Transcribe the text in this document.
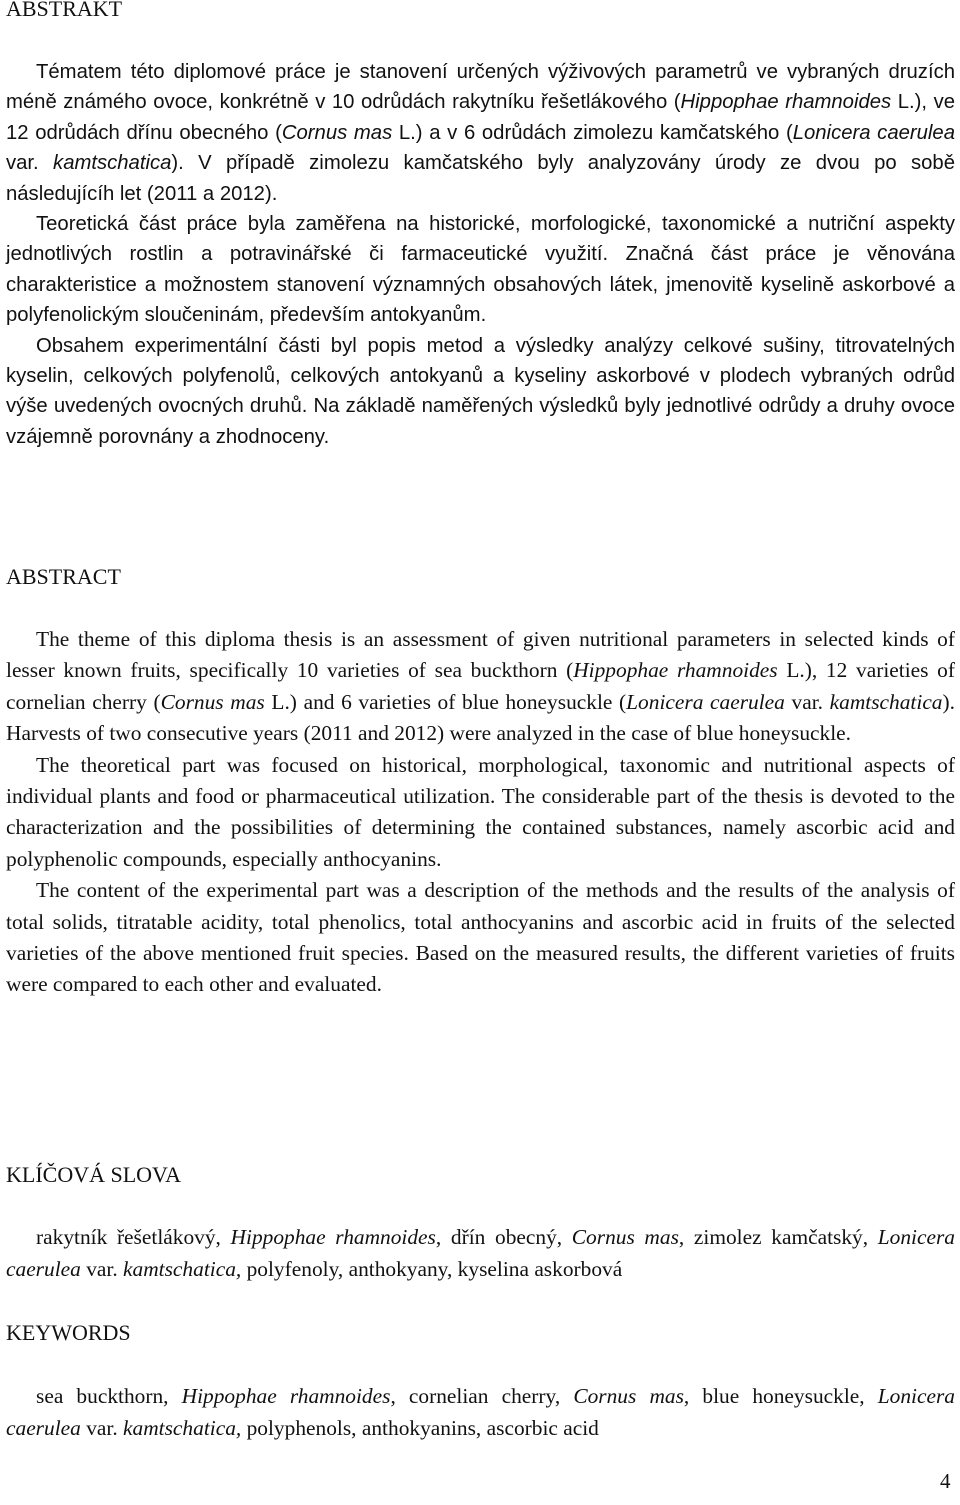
ABSTRAKT

Tématem této diplomové práce je stanovení určených výživových parametrů ve vybraných druzích méně známého ovoce, konkrétně v 10 odrůdách rakytníku řešetlákového (Hippophae rhamnoides L.), ve 12 odrůdách dřínu obecného (Cornus mas L.) a v 6 odrůdách zimolezu kamčatského (Lonicera caerulea var. kamtschatica). V případě zimolezu kamčatského byly analyzovány úrody ze dvou po sobě následujícíh let (2011 a 2012).

Teoretická část práce byla zaměřena na historické, morfologické, taxonomické a nutriční aspekty jednotlivých rostlin a potravinářské či farmaceutické využití. Značná část práce je věnována charakteristice a možnostem stanovení významných obsahových látek, jmenovitě kyselině askorbové a polyfenolickým sloučeninám, především antokyanům.

Obsahem experimentální části byl popis metod a výsledky analýzy celkové sušiny, titrovatelných kyselin, celkových polyfenolů, celkových antokyanů a kyseliny askorbové v plodech vybraných odrůd výše uvedených ovocných druhů. Na základě naměřených výsledků byly jednotlivé odrůdy a druhy ovoce vzájemně porovnány a zhodnoceny.

ABSTRACT

The theme of this diploma thesis is an assessment of given nutritional parameters in selected kinds of lesser known fruits, specifically 10 varieties of sea buckthorn (Hippophae rhamnoides L.), 12 varieties of cornelian cherry (Cornus mas L.) and 6 varieties of blue honeysuckle (Lonicera caerulea var. kamtschatica). Harvests of two consecutive years (2011 and 2012) were analyzed in the case of blue honeysuckle.

The theoretical part was focused on historical, morphological, taxonomic and nutritional aspects of individual plants and food or pharmaceutical utilization. The considerable part of the thesis is devoted to the characterization and the possibilities of determining the contained substances, namely ascorbic acid and polyphenolic compounds, especially anthocyanins.

The content of the experimental part was a description of the methods and the results of the analysis of total solids, titratable acidity, total phenolics, total anthocyanins and ascorbic acid in fruits of the selected varieties of the above mentioned fruit species. Based on the measured results, the different varieties of fruits were compared to each other and evaluated.

KLÍČOVÁ SLOVA

rakytník řešetlákový, Hippophae rhamnoides, dřín obecný, Cornus mas, zimolez kamčatský, Lonicera caerulea var. kamtschatica, polyfenoly, anthokyany, kyselina askorbová

KEYWORDS

sea buckthorn, Hippophae rhamnoides, cornelian cherry, Cornus mas, blue honeysuckle, Lonicera caerulea var. kamtschatica, polyphenols, anthokyanins, ascorbic acid

4
